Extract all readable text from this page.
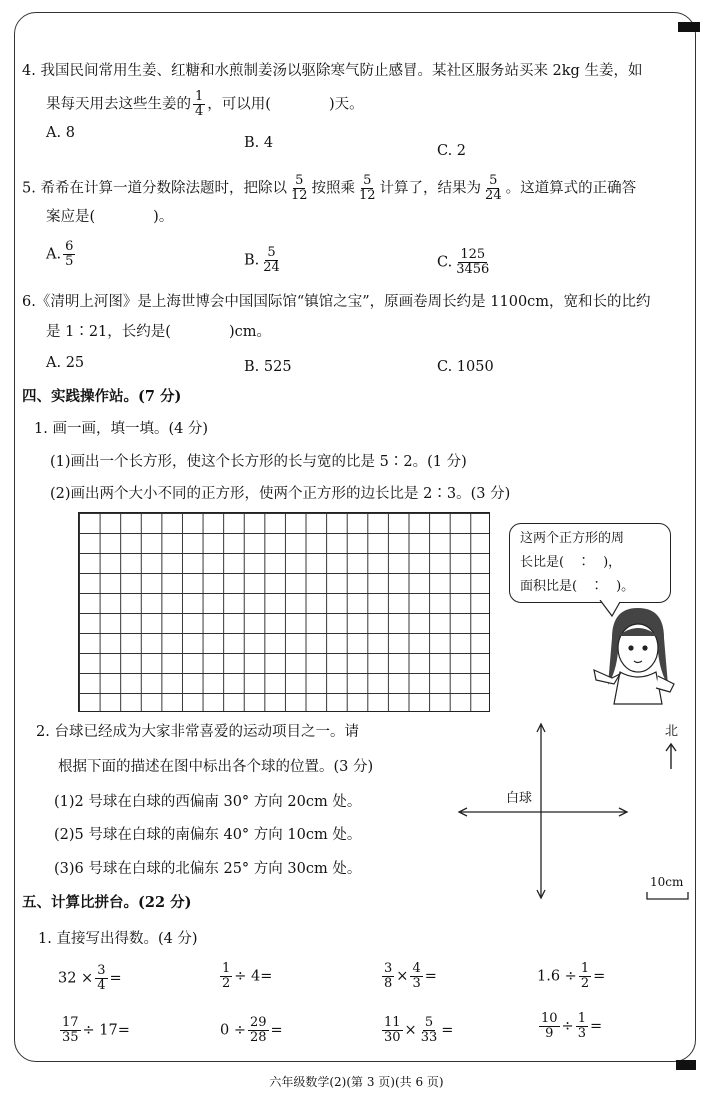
4. 我国民间常用生姜、红糖和水煎制姜汤以驱除寒气防止感冒。某社区服务站买来 2kg 生姜，如
果每天用去这些生姜的 $\frac{1}{4}$ ，可以用(　　　　)天。
A. 8
B. 4	C. 2
5. 希希在计算一道分数除法题时，把除以 $\frac{5}{12}$ 按照乘 $\frac{5}{12}$ 计算了，结果为 $\frac{5}{24}$ 。这道算式的正确答
案应是(　　　　)。
A. $\frac{6}{5}$	B. $\frac{5}{24}$	C. $\frac{125}{3456}$
6.《清明上河图》是上海世博会中国国际馆“镇馆之宝”，原画卷周长约是 1100cm，宽和长的比约
是 1∶21，长约是(　　　　)cm。
A. 25	B. 525	C. 1050
四、实践操作站。(7 分)
1. 画一画，填一填。(4 分)
(1)画出一个长方形，使这个长方形的长与宽的比是 5∶2。(1 分)
(2)画出两个大小不同的正方形，使两个正方形的边长比是 2∶3。(3 分)
这两个正方形的周
长比是(　∶　)，
面积比是(　∶　)。
2. 台球已经成为大家非常喜爱的运动项目之一。请
根据下面的描述在图中标出各个球的位置。(3 分)
(1)2 号球在白球的西偏南 30° 方向 20cm 处。
(2)5 号球在白球的南偏东 40° 方向 10cm 处。
(3)6 号球在白球的北偏东 25° 方向 30cm 处。
白球
北
10cm
五、计算比拼台。(22 分)
1. 直接写出得数。(4 分)
$32 \times \frac{3}{4}$ =	$\frac{1}{2} \div 4=$	$\frac{3}{8} \times \frac{4}{3}$ =	$1.6 \div \frac{1}{2}$ =
$\frac{17}{35} \div 17=$	$0 \div \frac{29}{28}$ =	$\frac{11}{30} \times \frac{5}{33}$ =	$\frac{10}{9} \div \frac{1}{3}$ =
六年级数学(2)(第 3 页)(共 6 页)
